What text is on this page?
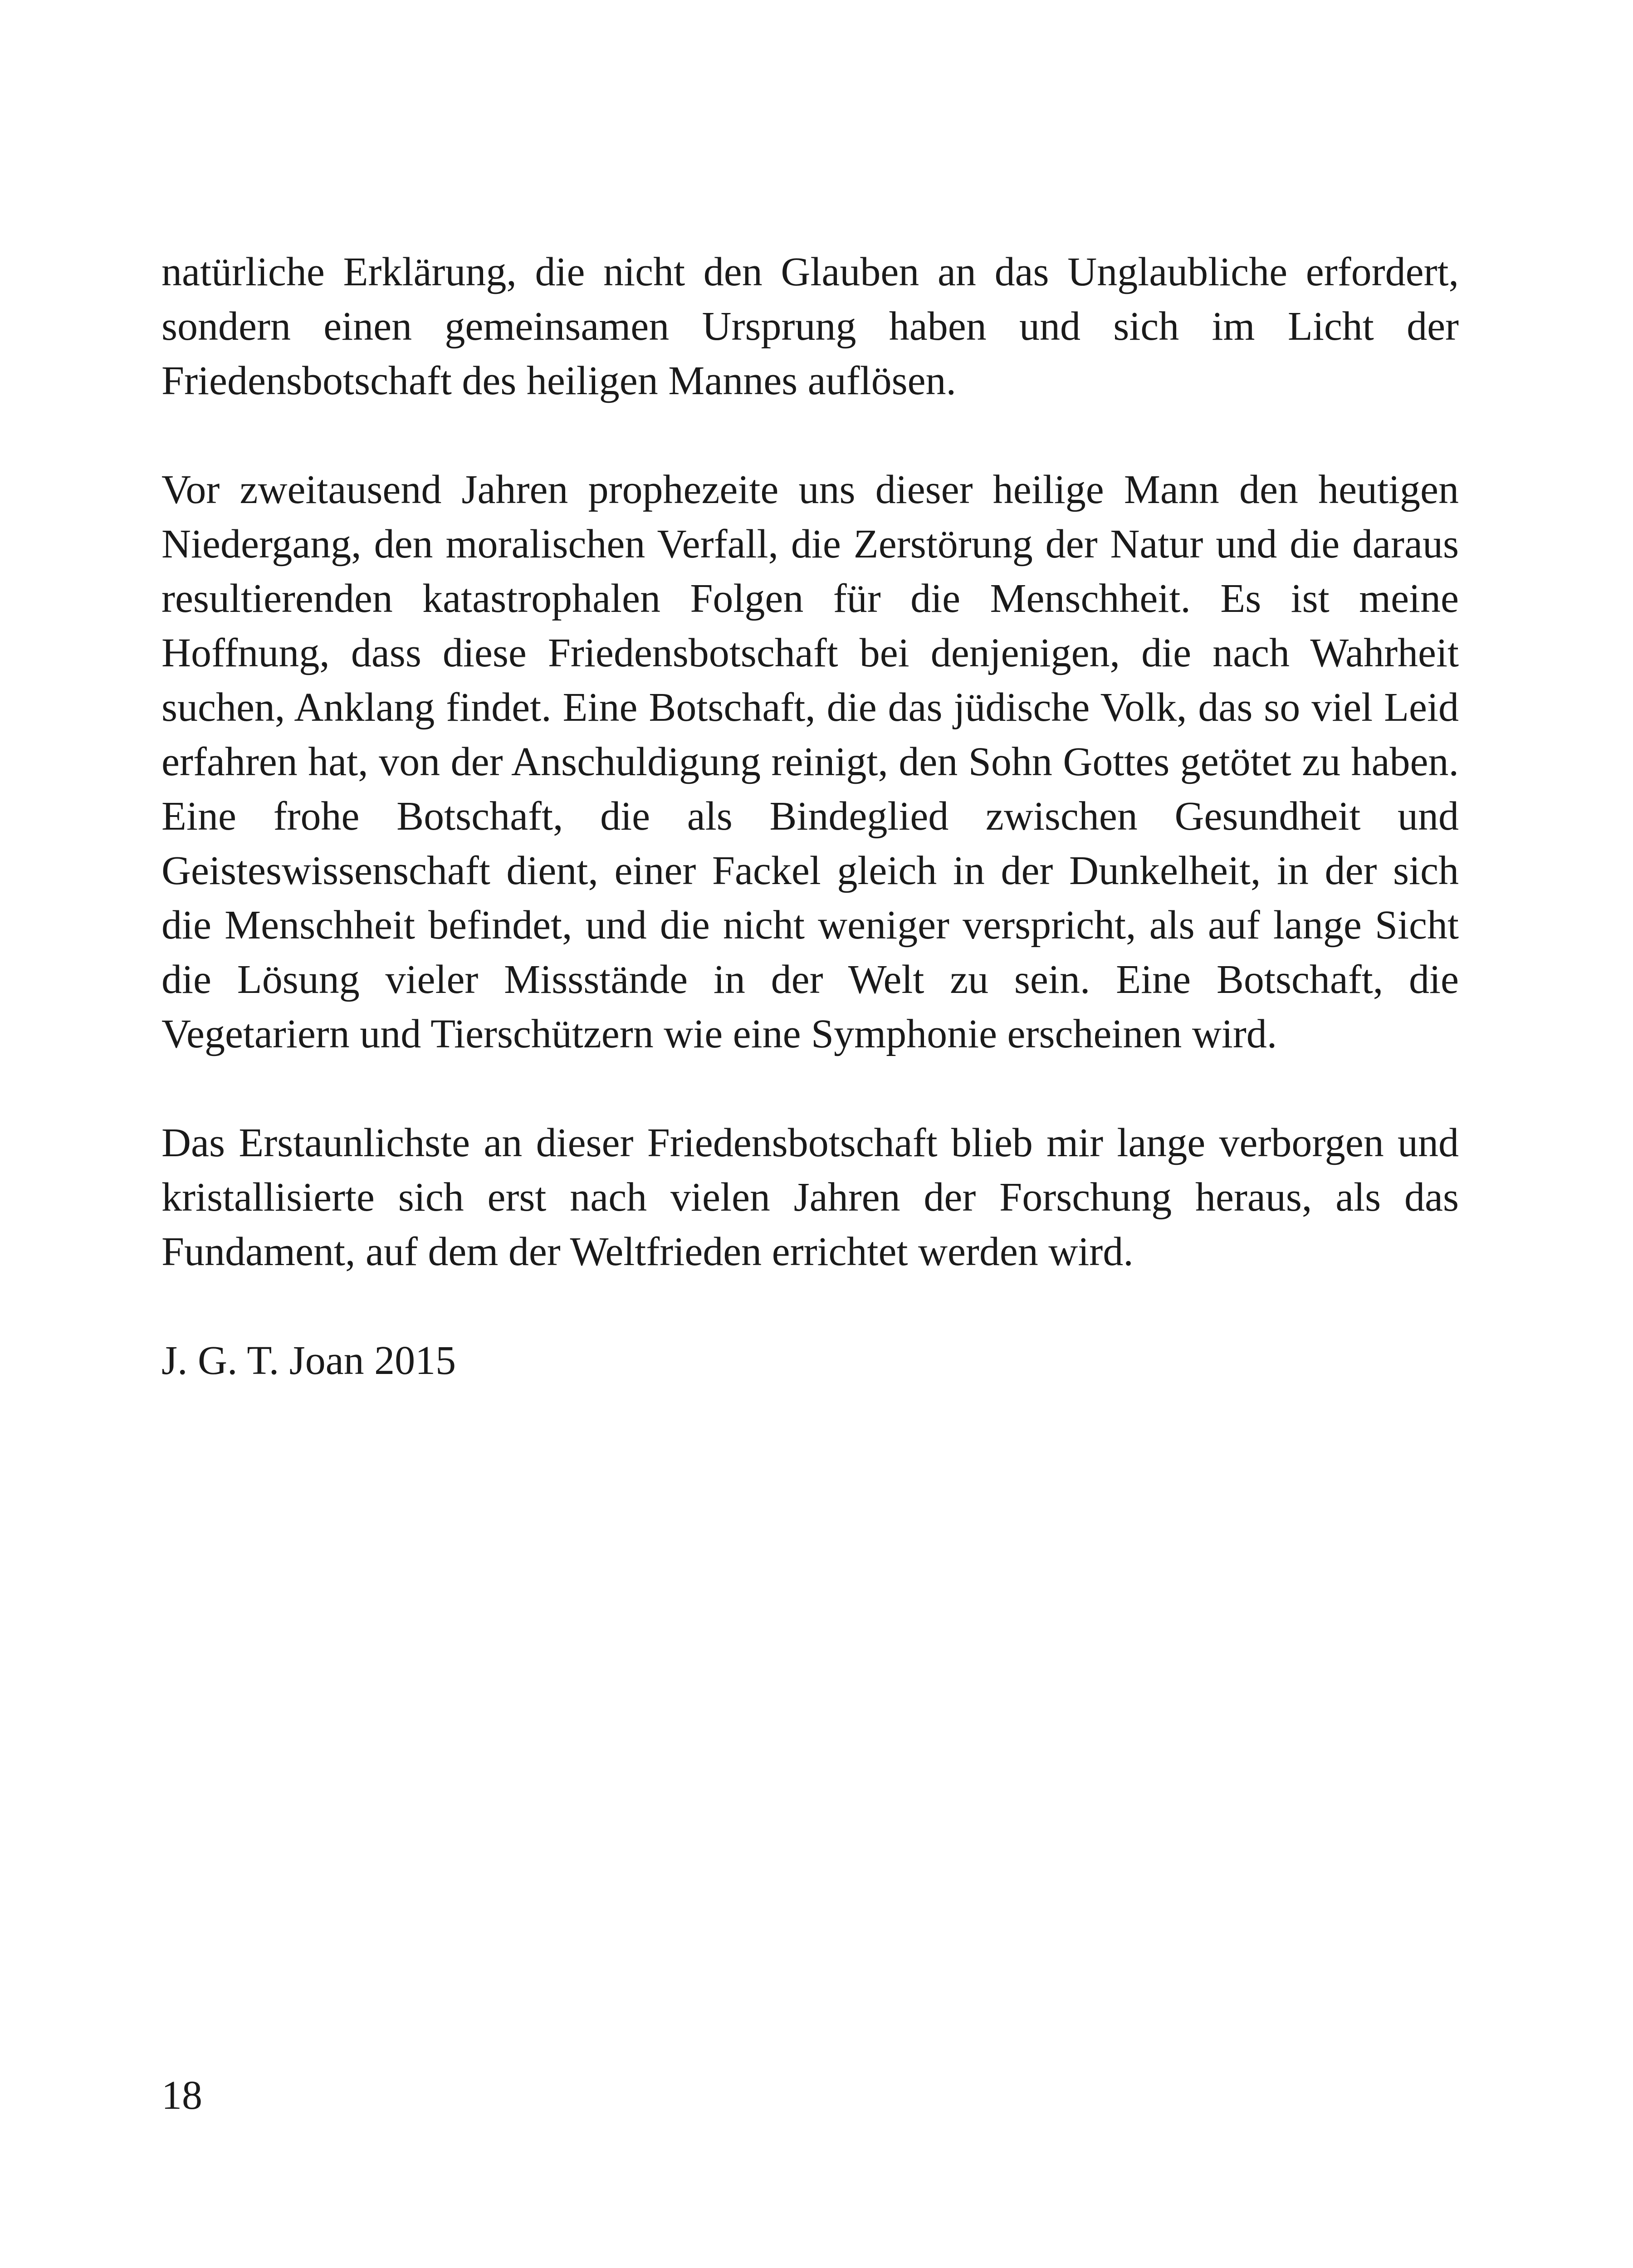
natürliche Erklärung, die nicht den Glauben an das Unglaubliche erfordert, sondern einen gemeinsamen Ursprung haben und sich im Licht der Friedensbotschaft des heiligen Mannes auflösen.

Vor zweitausend Jahren prophezeite uns dieser heilige Mann den heutigen Niedergang, den moralischen Verfall, die Zerstörung der Natur und die daraus resultierenden katastrophalen Folgen für die Menschheit. Es ist meine Hoffnung, dass diese Friedensbotschaft bei denjenigen, die nach Wahrheit suchen, Anklang findet. Eine Botschaft, die das jüdische Volk, das so viel Leid erfahren hat, von der Anschuldigung reinigt, den Sohn Gottes getötet zu haben. Eine frohe Botschaft, die als Bindeglied zwischen Gesundheit und Geisteswissenschaft dient, einer Fackel gleich in der Dunkelheit, in der sich die Menschheit befindet, und die nicht weniger verspricht, als auf lange Sicht die Lösung vieler Missstände in der Welt zu sein. Eine Botschaft, die Vegetariern und Tierschützern wie eine Symphonie erscheinen wird.

Das Erstaunlichste an dieser Friedensbotschaft blieb mir lange verborgen und kristallisierte sich erst nach vielen Jahren der Forschung heraus, als das Fundament, auf dem der Weltfrieden errichtet werden wird.

J. G. T. Joan 2015

18
